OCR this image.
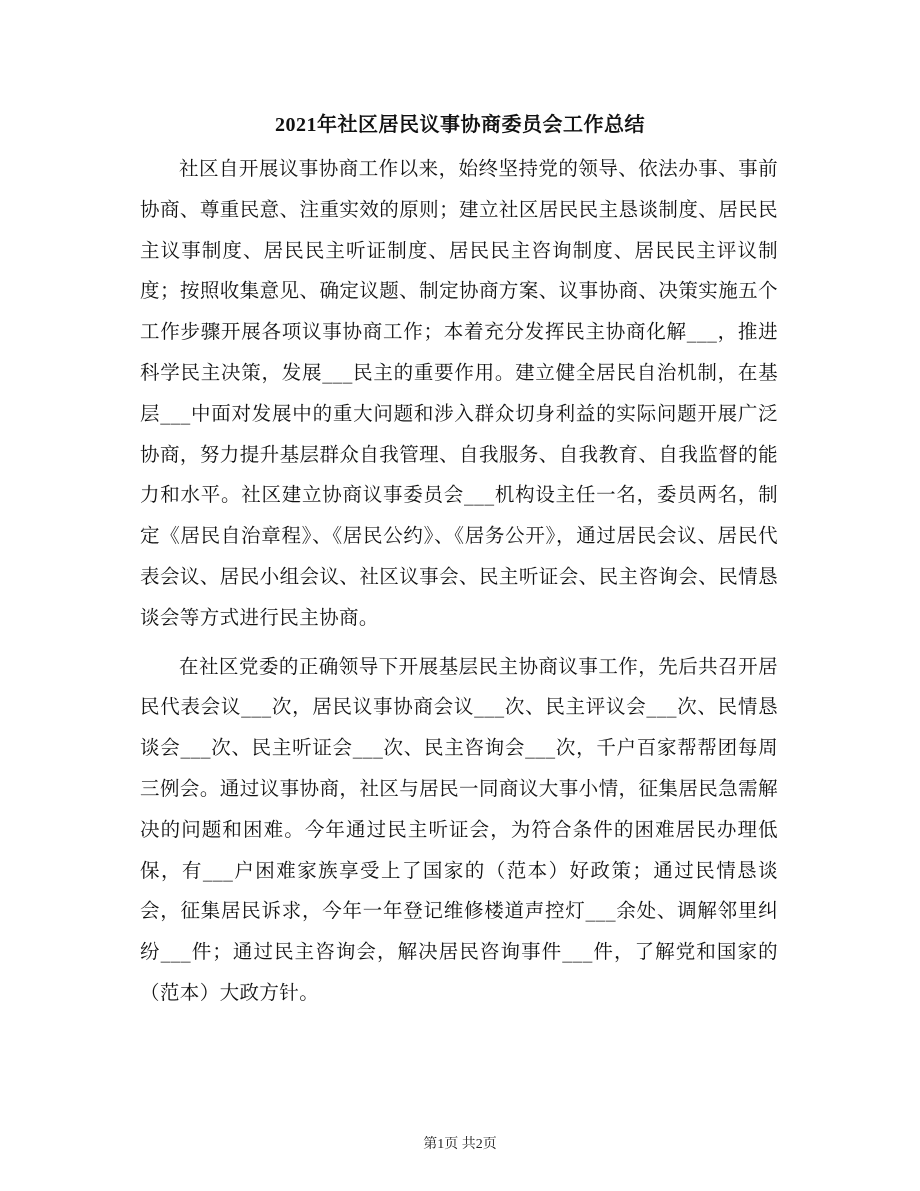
2021年社区居民议事协商委员会工作总结

社区自开展议事协商工作以来，始终坚持党的领导、依法办事、事前协商、尊重民意、注重实效的原则；建立社区居民民主恳谈制度、居民民主议事制度、居民民主听证制度、居民民主咨询制度、居民民主评议制度；按照收集意见、确定议题、制定协商方案、议事协商、决策实施五个工作步骤开展各项议事协商工作；本着充分发挥民主协商化解___，推进科学民主决策，发展___民主的重要作用。建立健全居民自治机制，在基层___中面对发展中的重大问题和涉入群众切身利益的实际问题开展广泛协商，努力提升基层群众自我管理、自我服务、自我教育、自我监督的能力和水平。社区建立协商议事委员会___机构设主任一名，委员两名，制定《居民自治章程》、《居民公约》、《居务公开》，通过居民会议、居民代表会议、居民小组会议、社区议事会、民主听证会、民主咨询会、民情恳谈会等方式进行民主协商。

在社区党委的正确领导下开展基层民主协商议事工作，先后共召开居民代表会议___次，居民议事协商会议___次、民主评议会___次、民情恳谈会___次、民主听证会___次、民主咨询会___次，千户百家帮帮团每周三例会。通过议事协商，社区与居民一同商议大事小情，征集居民急需解决的问题和困难。今年通过民主听证会，为符合条件的困难居民办理低保，有___户困难家族享受上了国家的（范本）好政策；通过民情恳谈会，征集居民诉求，今年一年登记维修楼道声控灯___余处、调解邻里纠纷___件；通过民主咨询会，解决居民咨询事件___件，了解党和国家的（范本）大政方针。

第1页 共2页
